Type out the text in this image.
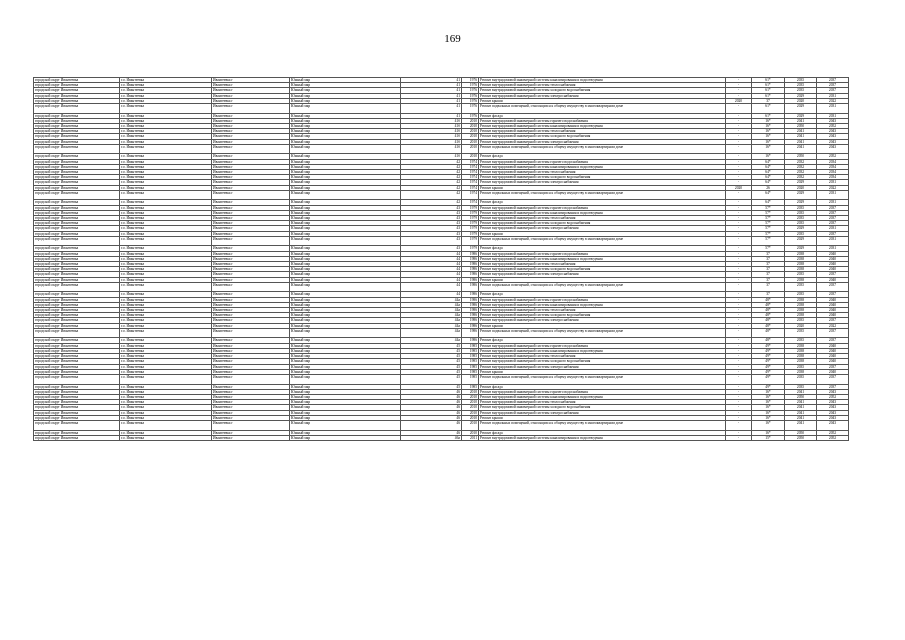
169
городской округ Ивантеевка	г.о. Ивантеевка	Ивантеевка г	Южный мкр	41	1976	Ремонт внутридомовой инженерной системы канализирования и водоотведения	-	61*	2035	2037
городской округ Ивантеевка	г.о. Ивантеевка	Ивантеевка г	Южный мкр	41	1976	Ремонт внутридомовой инженерной системы теплоснабжения	-	61*	2035	2037
городской округ Ивантеевка	г.о. Ивантеевка	Ивантеевка г	Южный мкр	41	1976	Ремонт внутридомовой инженерной системы холодного водоснабжения	-	61*	2035	2037
городской округ Ивантеевка	г.о. Ивантеевка	Ивантеевка г	Южный мкр	41	1976	Ремонт внутридомовой инженерной системы электроснабжения	-	61*	2029	2031
городской округ Ивантеевка	г.о. Ивантеевка	Ивантеевка г	Южный мкр	41	1976	Ремонт крыши	2020	37	2020	2022
городской округ Ивантеевка	г.о. Ивантеевка	Ивантеевка г	Южный мкр	41	1976	Ремонт подвальных помещений, относящихся к общему имуществу в многоквартирном доме	-	61*	2029	2031
городской округ Ивантеевка	г.о. Ивантеевка	Ивантеевка г	Южный мкр	41	1976	Ремонт фасада	-	61*	2029	2031
городской округ Ивантеевка	г.о. Ивантеевка	Ивантеевка г	Южный мкр	41б	2010	Ремонт внутридомовой инженерной системы горячего водоснабжения	-	16*	2041	2043
городской округ Ивантеевка	г.о. Ивантеевка	Ивантеевка г	Южный мкр	41б	2010	Ремонт внутридомовой инженерной системы канализирования и водоотведения	-	16*	2050	2052
городской округ Ивантеевка	г.о. Ивантеевка	Ивантеевка г	Южный мкр	41б	2010	Ремонт внутридомовой инженерной системы теплоснабжения	-	16*	2041	2043
городской округ Ивантеевка	г.о. Ивантеевка	Ивантеевка г	Южный мкр	41б	2010	Ремонт внутридомовой инженерной системы холодного водоснабжения	-	16*	2041	2043
городской округ Ивантеевка	г.о. Ивантеевка	Ивантеевка г	Южный мкр	41б	2010	Ремонт внутридомовой инженерной системы электроснабжения	-	16*	2041	2043
городской округ Ивантеевка	г.о. Ивантеевка	Ивантеевка г	Южный мкр	41б	2010	Ремонт подвальных помещений, относящихся к общему имуществу в многоквартирном доме	-	16*	2041	2043
городской округ Ивантеевка	г.о. Ивантеевка	Ивантеевка г	Южный мкр	41б	2010	Ремонт фасада	-	16*	2050	2052
городской округ Ивантеевка	г.о. Ивантеевка	Ивантеевка г	Южный мкр	42	1974	Ремонт внутридомовой инженерной системы горячего водоснабжения	-	64*	2032	2034
городской округ Ивантеевка	г.о. Ивантеевка	Ивантеевка г	Южный мкр	42	1974	Ремонт внутридомовой инженерной системы канализирования и водоотведения	-	64*	2032	2034
городской округ Ивантеевка	г.о. Ивантеевка	Ивантеевка г	Южный мкр	42	1974	Ремонт внутридомовой инженерной системы теплоснабжения	-	64*	2032	2034
городской округ Ивантеевка	г.о. Ивантеевка	Ивантеевка г	Южный мкр	42	1974	Ремонт внутридомовой инженерной системы холодного водоснабжения	-	64*	2032	2034
городской округ Ивантеевка	г.о. Ивантеевка	Ивантеевка г	Южный мкр	42	1974	Ремонт внутридомовой инженерной системы электроснабжения	-	64*	2029	2031
городской округ Ивантеевка	г.о. Ивантеевка	Ивантеевка г	Южный мкр	42	1974	Ремонт крыши	2020	26	2020	2022
городской округ Ивантеевка	г.о. Ивантеевка	Ивантеевка г	Южный мкр	42	1974	Ремонт подвальных помещений, относящихся к общему имуществу в многоквартирном доме	-	64*	2029	2031
городской округ Ивантеевка	г.о. Ивантеевка	Ивантеевка г	Южный мкр	42	1974	Ремонт фасада	-	64*	2029	2031
городской округ Ивантеевка	г.о. Ивантеевка	Ивантеевка г	Южный мкр	43	1979	Ремонт внутридомовой инженерной системы горячего водоснабжения	-	57*	2035	2037
городской округ Ивантеевка	г.о. Ивантеевка	Ивантеевка г	Южный мкр	43	1979	Ремонт внутридомовой инженерной системы канализирования и водоотведения	-	57*	2035	2037
городской округ Ивантеевка	г.о. Ивантеевка	Ивантеевка г	Южный мкр	43	1979	Ремонт внутридомовой инженерной системы теплоснабжения	-	57*	2035	2037
городской округ Ивантеевка	г.о. Ивантеевка	Ивантеевка г	Южный мкр	43	1979	Ремонт внутридомовой инженерной системы холодного водоснабжения	-	57*	2035	2037
городской округ Ивантеевка	г.о. Ивантеевка	Ивантеевка г	Южный мкр	43	1979	Ремонт внутридомовой инженерной системы электроснабжения	-	57*	2029	2031
городской округ Ивантеевка	г.о. Ивантеевка	Ивантеевка г	Южный мкр	43	1979	Ремонт крыши	-	57*	2035	2037
городской округ Ивантеевка	г.о. Ивантеевка	Ивантеевка г	Южный мкр	43	1979	Ремонт подвальных помещений, относящихся к общему имуществу в многоквартирном доме	-	57*	2029	2031
городской округ Ивантеевка	г.о. Ивантеевка	Ивантеевка г	Южный мкр	43	1979	Ремонт фасада	-	57*	2029	2031
городской округ Ивантеевка	г.о. Ивантеевка	Ивантеевка г	Южный мкр	44	1986	Ремонт внутридомовой инженерной системы горячего водоснабжения	-	37	2038	2040
городской округ Ивантеевка	г.о. Ивантеевка	Ивантеевка г	Южный мкр	44	1986	Ремонт внутридомовой инженерной системы канализирования и водоотведения	-	37	2038	2040
городской округ Ивантеевка	г.о. Ивантеевка	Ивантеевка г	Южный мкр	44	1986	Ремонт внутридомовой инженерной системы теплоснабжения	-	37	2038	2040
городской округ Ивантеевка	г.о. Ивантеевка	Ивантеевка г	Южный мкр	44	1986	Ремонт внутридомовой инженерной системы холодного водоснабжения	-	37	2038	2040
городской округ Ивантеевка	г.о. Ивантеевка	Ивантеевка г	Южный мкр	44	1986	Ремонт внутридомовой инженерной системы электроснабжения	-	37	2035	2037
городской округ Ивантеевка	г.о. Ивантеевка	Ивантеевка г	Южный мкр	44	1986	Ремонт крыши	-	37	2038	2040
городской округ Ивантеевка	г.о. Ивантеевка	Ивантеевка г	Южный мкр	44	1986	Ремонт подвальных помещений, относящихся к общему имуществу в многоквартирном доме	-	37	2035	2037
городской округ Ивантеевка	г.о. Ивантеевка	Ивантеевка г	Южный мкр	44	1986	Ремонт фасада	-	37	2035	2037
городской округ Ивантеевка	г.о. Ивантеевка	Ивантеевка г	Южный мкр	44а	1986	Ремонт внутридомовой инженерной системы горячего водоснабжения	-	48*	2038	2040
городской округ Ивантеевка	г.о. Ивантеевка	Ивантеевка г	Южный мкр	44а	1986	Ремонт внутридомовой инженерной системы канализирования и водоотведения	-	48*	2038	2040
городской округ Ивантеевка	г.о. Ивантеевка	Ивантеевка г	Южный мкр	44а	1986	Ремонт внутридомовой инженерной системы теплоснабжения	-	48*	2038	2040
городской округ Ивантеевка	г.о. Ивантеевка	Ивантеевка г	Южный мкр	44а	1986	Ремонт внутридомовой инженерной системы холодного водоснабжения	-	48*	2038	2040
городской округ Ивантеевка	г.о. Ивантеевка	Ивантеевка г	Южный мкр	44а	1986	Ремонт внутридомовой инженерной системы электроснабжения	-	48*	2035	2037
городской округ Ивантеевка	г.о. Ивантеевка	Ивантеевка г	Южный мкр	44а	1986	Ремонт крыши	-	48*	2020	2022
городской округ Ивантеевка	г.о. Ивантеевка	Ивантеевка г	Южный мкр	44а	1986	Ремонт подвальных помещений, относящихся к общему имуществу в многоквартирном доме	-	48*	2035	2037
городской округ Ивантеевка	г.о. Ивантеевка	Ивантеевка г	Южный мкр	44а	1986	Ремонт фасада	-	48*	2035	2037
городской округ Ивантеевка	г.о. Ивантеевка	Ивантеевка г	Южный мкр	45	1985	Ремонт внутридомовой инженерной системы горячего водоснабжения	-	49*	2038	2040
городской округ Ивантеевка	г.о. Ивантеевка	Ивантеевка г	Южный мкр	45	1985	Ремонт внутридомовой инженерной системы канализирования и водоотведения	-	49*	2038	2040
городской округ Ивантеевка	г.о. Ивантеевка	Ивантеевка г	Южный мкр	45	1985	Ремонт внутридомовой инженерной системы теплоснабжения	-	49*	2038	2040
городской округ Ивантеевка	г.о. Ивантеевка	Ивантеевка г	Южный мкр	45	1985	Ремонт внутридомовой инженерной системы холодного водоснабжения	-	49*	2038	2040
городской округ Ивантеевка	г.о. Ивантеевка	Ивантеевка г	Южный мкр	45	1985	Ремонт внутридомовой инженерной системы электроснабжения	-	49*	2035	2037
городской округ Ивантеевка	г.о. Ивантеевка	Ивантеевка г	Южный мкр	45	1985	Ремонт крыши	-	49*	2038	2040
городской округ Ивантеевка	г.о. Ивантеевка	Ивантеевка г	Южный мкр	45	1985	Ремонт подвальных помещений, относящихся к общему имуществу в многоквартирном доме	-	49*	2035	2037
городской округ Ивантеевка	г.о. Ивантеевка	Ивантеевка г	Южный мкр	45	1985	Ремонт фасада	-	49*	2035	2037
городской округ Ивантеевка	г.о. Ивантеевка	Ивантеевка г	Южный мкр	46	2010	Ремонт внутридомовой инженерной системы горячего водоснабжения	-	16*	2041	2043
городской округ Ивантеевка	г.о. Ивантеевка	Ивантеевка г	Южный мкр	46	2010	Ремонт внутридомовой инженерной системы канализирования и водоотведения	-	16*	2050	2052
городской округ Ивантеевка	г.о. Ивантеевка	Ивантеевка г	Южный мкр	46	2010	Ремонт внутридомовой инженерной системы теплоснабжения	-	16*	2041	2043
городской округ Ивантеевка	г.о. Ивантеевка	Ивантеевка г	Южный мкр	46	2010	Ремонт внутридомовой инженерной системы холодного водоснабжения	-	16*	2041	2043
городской округ Ивантеевка	г.о. Ивантеевка	Ивантеевка г	Южный мкр	46	2010	Ремонт внутридомовой инженерной системы электроснабжения	-	16*	2041	2043
городской округ Ивантеевка	г.о. Ивантеевка	Ивантеевка г	Южный мкр	46	2010	Ремонт крыши	-	16*	2041	2043
городской округ Ивантеевка	г.о. Ивантеевка	Ивантеевка г	Южный мкр	46	2010	Ремонт подвальных помещений, относящихся к общему имуществу в многоквартирном доме	-	16*	2041	2043
городской округ Ивантеевка	г.о. Ивантеевка	Ивантеевка г	Южный мкр	46	2010	Ремонт фасада	-	16*	2050	2052
городской округ Ивантеевка	г.о. Ивантеевка	Ивантеевка г	Южный мкр	46а	2011	Ремонт внутридомовой инженерной системы канализирования и водоотведения	-	15*	2050	2052
